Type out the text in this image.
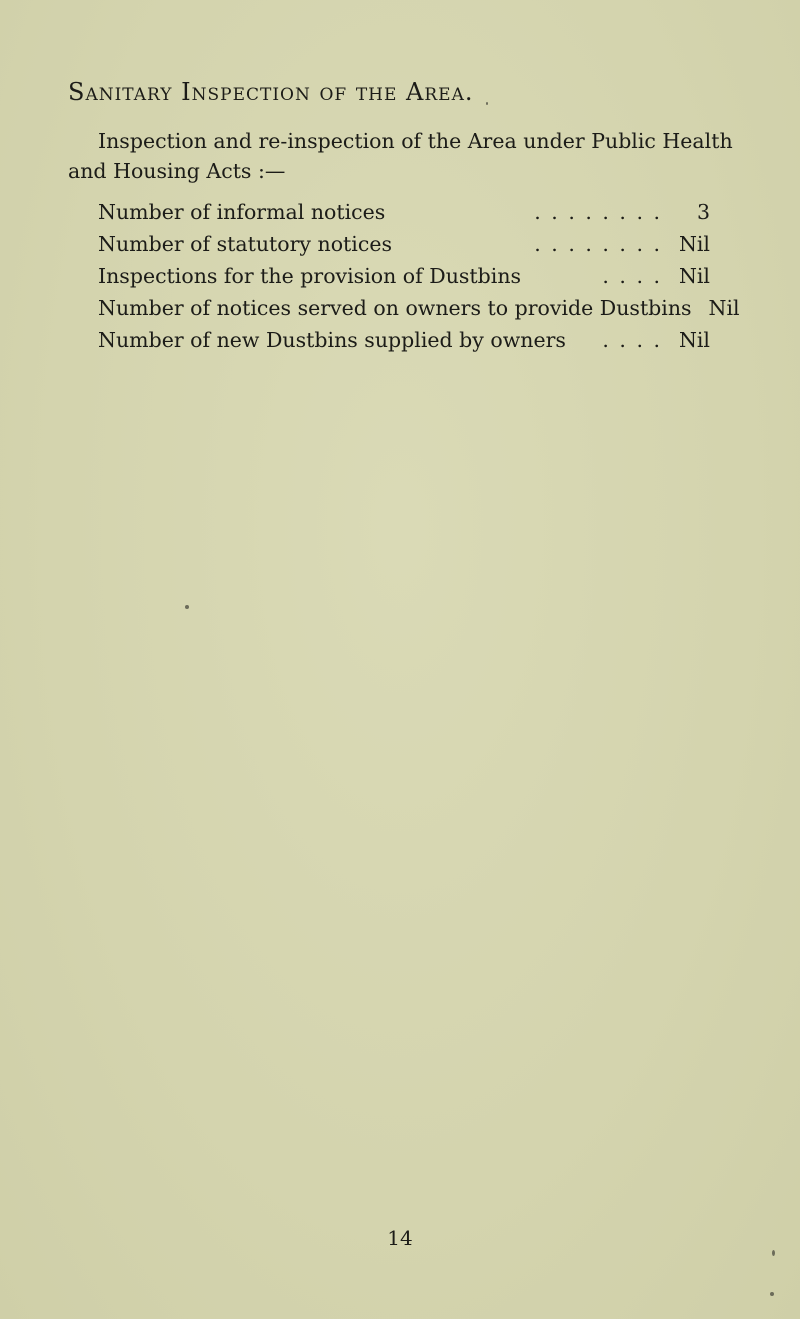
Sanitary Inspection of the Area.
Inspection and re-inspection of the Area under Public Health and Housing Acts :—
Number of informal notices	. . . . . . . .	3
Number of statutory notices	. . . . . . . . Nil
Inspections for the provision of Dustbins	. . . . Nil
Number of notices served on owners to provide Dustbins Nil
Number of new Dustbins supplied by owners	. . . . Nil
14
